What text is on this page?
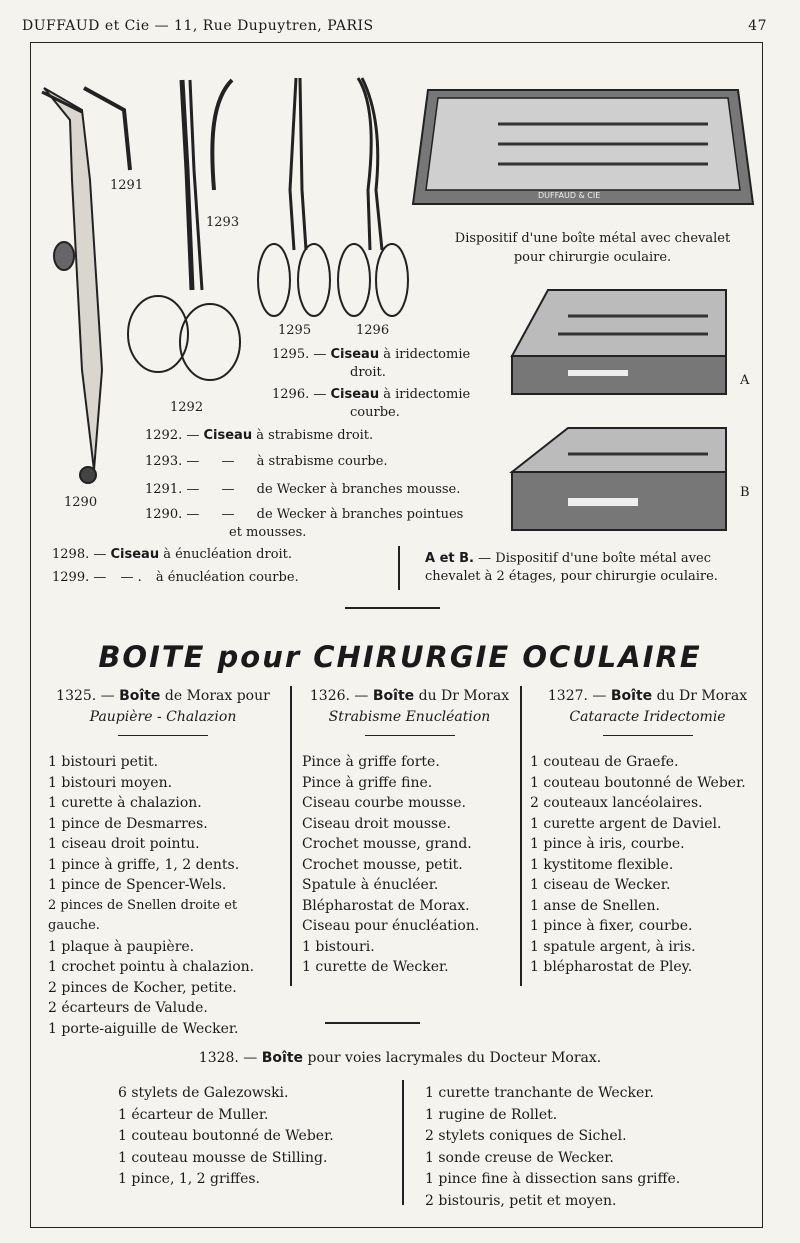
DUFFAUD et Cie — 11, Rue Dupuytren, PARIS	47
DUFFAUD & CIE
1291
1293
1295	1296
1292
1290
Dispositif d'une boîte métal avec chevalet
pour chirurgie oculaire.
A
B
1295. — Ciseau à iridectomie
droit.
1296. — Ciseau à iridectomie
courbe.
1292. — Ciseau à strabisme droit.
1293. — — à strabisme courbe.
1291. — — de Wecker à branches mousse.
1290. — — de Wecker à branches pointues
et mousses.
1298. — Ciseau à énucléation droit.
1299. — — . à énucléation courbe.
A et B. — Dispositif d'une boîte métal avec
chevalet à 2 étages, pour chirurgie oculaire.
BOITE pour CHIRURGIE OCULAIRE
1325. — Boîte de Morax pour
Paupière - Chalazion
1 bistouri petit.
1 bistouri moyen.
1 curette à chalazion.
1 pince de Desmarres.
1 ciseau droit pointu.
1 pince à griffe, 1, 2 dents.
1 pince de Spencer-Wels.
2 pinces de Snellen droite et gauche.
1 plaque à paupière.
1 crochet pointu à chalazion.
2 pinces de Kocher, petite.
2 écarteurs de Valude.
1 porte-aiguille de Wecker.
1326. — Boîte du Dr Morax
Strabisme Enucléation
Pince à griffe forte.
Pince à griffe fine.
Ciseau courbe mousse.
Ciseau droit mousse.
Crochet mousse, grand.
Crochet mousse, petit.
Spatule à énucléer.
Blépharostat de Morax.
Ciseau pour énucléation.
1 bistouri.
1 curette de Wecker.
1327. — Boîte du Dr Morax
Cataracte Iridectomie
1 couteau de Graefe.
1 couteau boutonné de Weber.
2 couteaux lancéolaires.
1 curette argent de Daviel.
1 pince à iris, courbe.
1 kystitome flexible.
1 ciseau de Wecker.
1 anse de Snellen.
1 pince à fixer, courbe.
1 spatule argent, à iris.
1 blépharostat de Pley.
1328. — Boîte pour voies lacrymales du Docteur Morax.
6 stylets de Galezowski.
1 écarteur de Muller.
1 couteau boutonné de Weber.
1 couteau mousse de Stilling.
1 pince, 1, 2 griffes.
1 curette tranchante de Wecker.
1 rugine de Rollet.
2 stylets coniques de Sichel.
1 sonde creuse de Wecker.
1 pince fine à dissection sans griffe.
2 bistouris, petit et moyen.
